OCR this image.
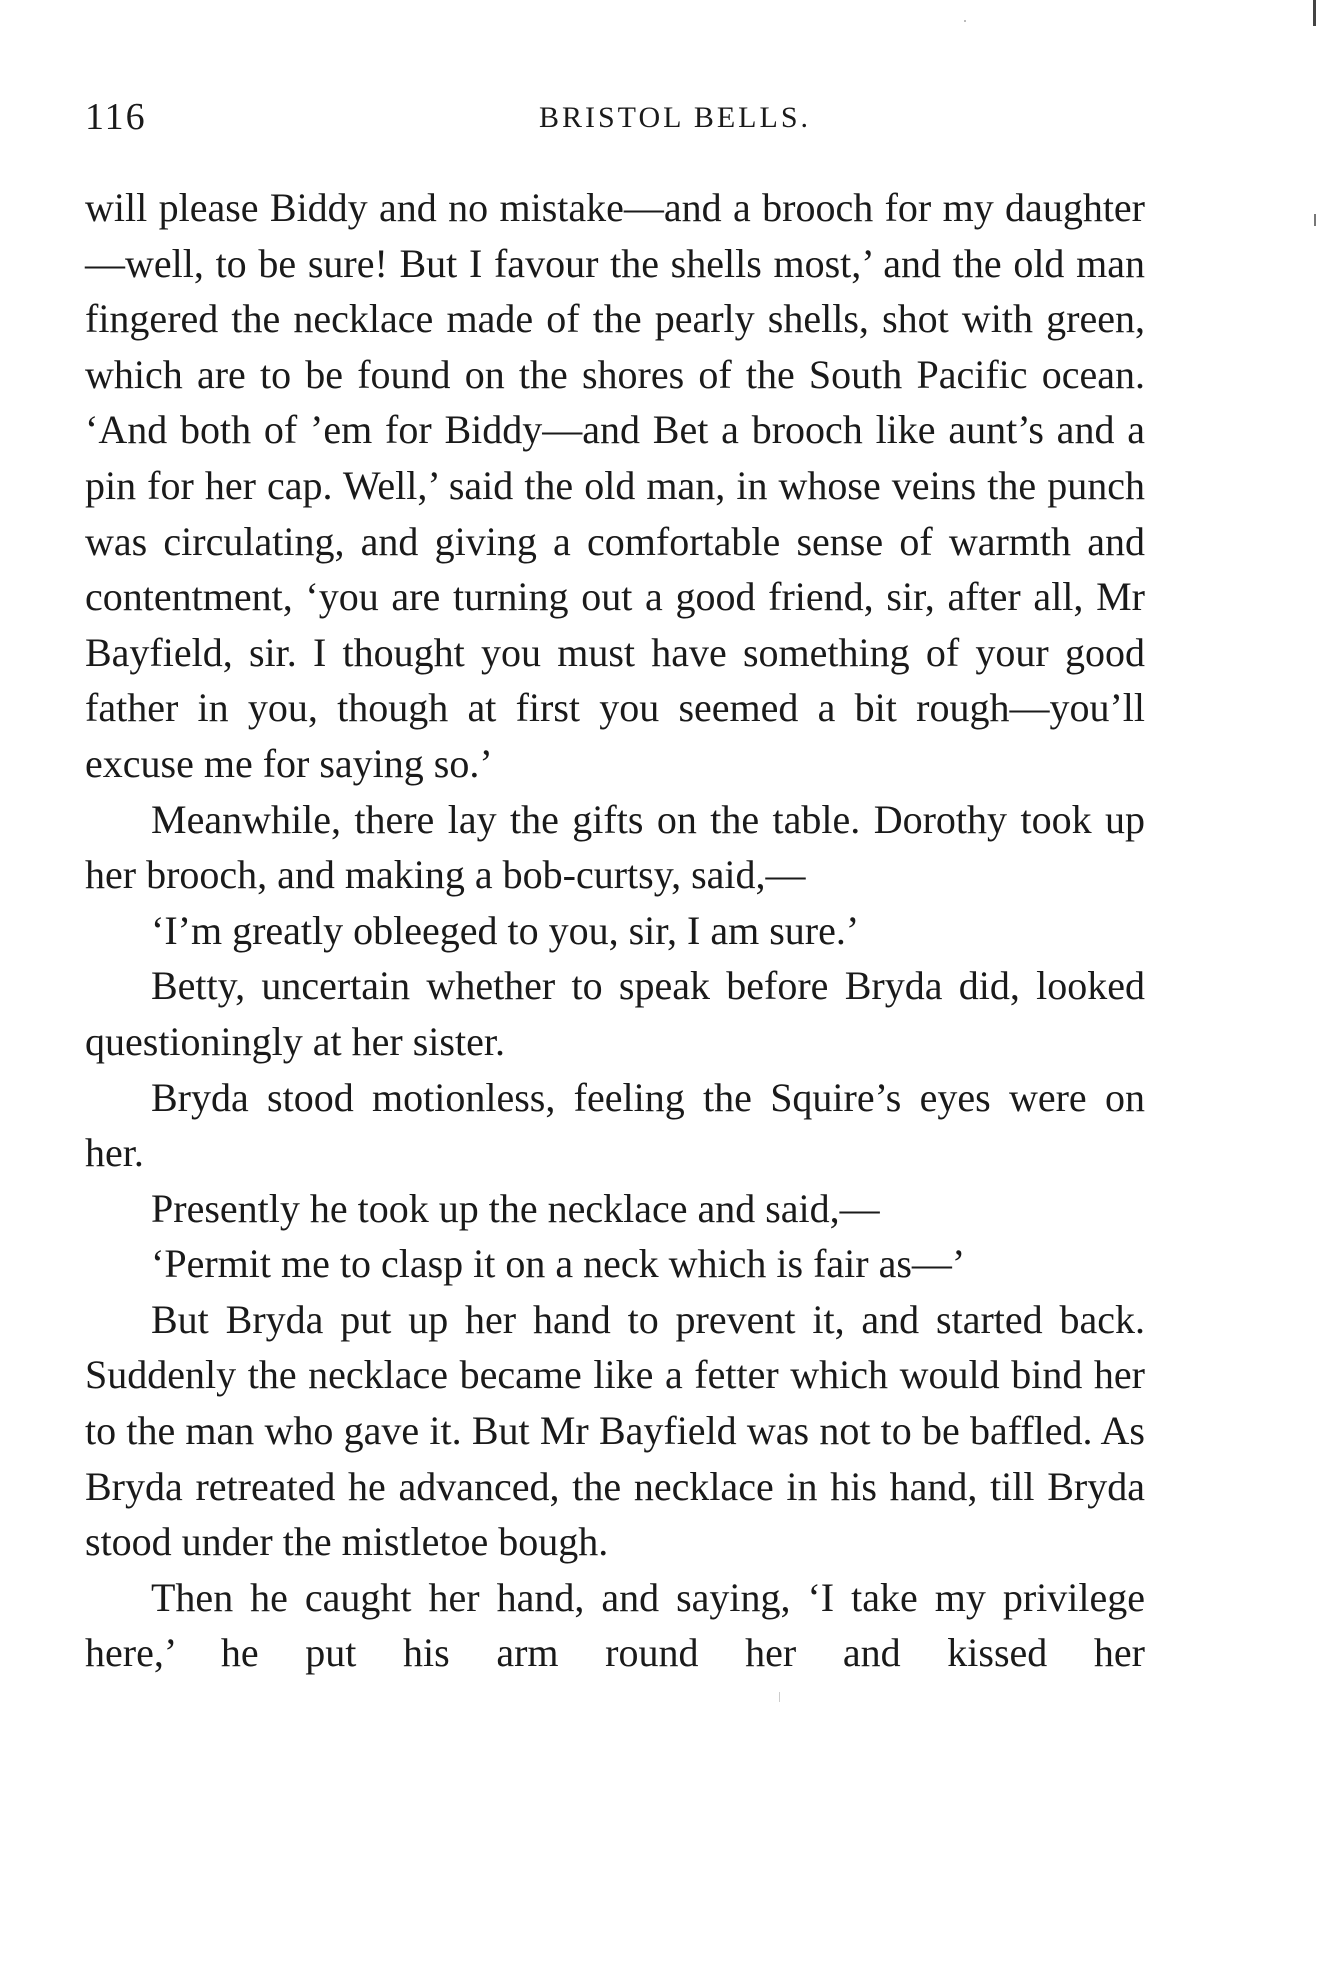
116	BRISTOL BELLS.

will please Biddy and no mistake—and a brooch for my daughter—well, to be sure! But I favour the shells most,’ and the old man fingered the necklace made of the pearly shells, shot with green, which are to be found on the shores of the South Pacific ocean. ‘And both of ’em for Biddy—and Bet a brooch like aunt’s and a pin for her cap. Well,’ said the old man, in whose veins the punch was circulating, and giving a comfortable sense of warmth and contentment, ‘you are turning out a good friend, sir, after all, Mr Bayfield, sir. I thought you must have something of your good father in you, though at first you seemed a bit rough—you’ll excuse me for saying so.’

Meanwhile, there lay the gifts on the table. Dorothy took up her brooch, and making a bob-curtsy, said,—

‘I’m greatly obleeged to you, sir, I am sure.’

Betty, uncertain whether to speak before Bryda did, looked questioningly at her sister.

Bryda stood motionless, feeling the Squire’s eyes were on her.

Presently he took up the necklace and said,—

‘Permit me to clasp it on a neck which is fair as—’

But Bryda put up her hand to prevent it, and started back. Suddenly the necklace became like a fetter which would bind her to the man who gave it. But Mr Bayfield was not to be baffled. As Bryda retreated he advanced, the necklace in his hand, till Bryda stood under the mistletoe bough.

Then he caught her hand, and saying, ‘I take my privilege here,’ he put his arm round her and kissed her
